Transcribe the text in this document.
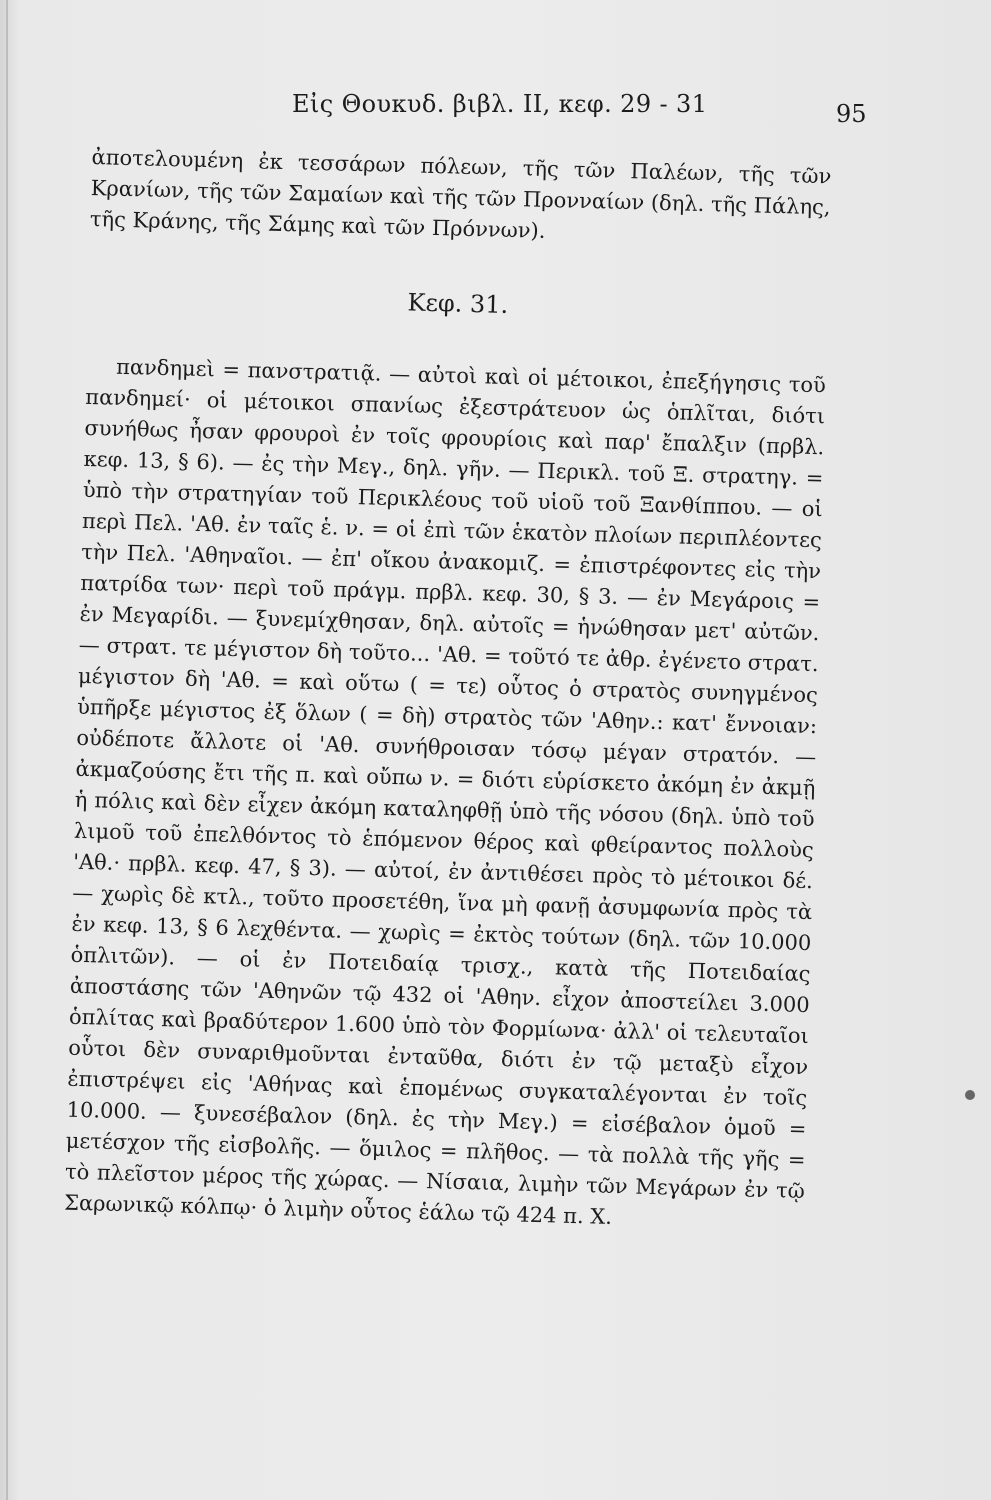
Εἰς Θουκυδ. βιβλ. II, κεφ. 29 - 31	95

ἀποτελουμένη ἐκ τεσσάρων πόλεων, τῆς τῶν Παλέων, τῆς τῶν Κρανίων, τῆς τῶν Σαμαίων καὶ τῆς τῶν Προνναίων (δηλ. τῆς Πάλης, τῆς Κράνης, τῆς Σάμης καὶ τῶν Πρόννων).

Κεφ. 31.

πανδημεὶ = πανστρατιᾷ. — αὐτοὶ καὶ οἱ μέτοικοι, ἐπεξήγησις τοῦ πανδημεί· οἱ μέτοικοι σπανίως ἐξεστράτευον ὡς ὁπλῖται, διότι συνήθως ἦσαν φρουροὶ ἐν τοῖς φρουρίοις καὶ παρ' ἔπαλξιν (πρβλ. κεφ. 13, § 6). — ἐς τὴν Μεγ., δηλ. γῆν. — Περικλ. τοῦ Ξ. στρατηγ. = ὑπὸ τὴν στρατηγίαν τοῦ Περικλέους τοῦ υἱοῦ τοῦ Ξανθίππου. — οἱ περὶ Πελ. 'Αθ. ἐν ταῖς ἑ. ν. = οἱ ἐπὶ τῶν ἑκατὸν πλοίων περιπλέοντες τὴν Πελ. 'Αθηναῖοι. — ἐπ' οἴκου ἀνακομιζ. = ἐπιστρέφοντες εἰς τὴν πατρίδα των· περὶ τοῦ πράγμ. πρβλ. κεφ. 30, § 3. — ἐν Μεγάροις = ἐν Μεγαρίδι. — ξυνεμίχθησαν, δηλ. αὐτοῖς = ἡνώθησαν μετ' αὐτῶν. — στρατ. τε μέγιστον δὴ τοῦτο... 'Αθ. = τοῦτό τε ἀθρ. ἐγένετο στρατ. μέγιστον δὴ 'Αθ. = καὶ οὕτω ( = τε) οὗτος ὁ στρατὸς συνηγμένος ὑπῆρξε μέγιστος ἐξ ὅλων ( = δὴ) στρατὸς τῶν 'Αθην.: κατ' ἔννοιαν: οὐδέποτε ἄλλοτε οἱ 'Αθ. συνήθροισαν τόσῳ μέγαν στρατόν. — ἀκμαζούσης ἔτι τῆς π. καὶ οὔπω ν. = διότι εὑρίσκετο ἀκόμη ἐν ἀκμῇ ἡ πόλις καὶ δὲν εἶχεν ἀκόμη καταληφθῇ ὑπὸ τῆς νόσου (δηλ. ὑπὸ τοῦ λιμοῦ τοῦ ἐπελθόντος τὸ ἑπόμενον θέρος καὶ φθείραντος πολλοὺς 'Αθ.· πρβλ. κεφ. 47, § 3). — αὐτοί, ἐν ἀντιθέσει πρὸς τὸ μέτοικοι δέ. — χωρὶς δὲ κτλ., τοῦτο προσετέθη, ἵνα μὴ φανῇ ἀσυμφωνία πρὸς τὰ ἐν κεφ. 13, § 6 λεχθέντα. — χωρὶς = ἐκτὸς τούτων (δηλ. τῶν 10.000 ὁπλιτῶν). — οἱ ἐν Ποτειδαίᾳ τρισχ., κατὰ τῆς Ποτειδαίας ἀποστάσης τῶν 'Αθηνῶν τῷ 432 οἱ 'Αθην. εἶχον ἀποστείλει 3.000 ὁπλίτας καὶ βραδύτερον 1.600 ὑπὸ τὸν Φορμίωνα· ἀλλ' οἱ τελευταῖοι οὗτοι δὲν συναριθμοῦνται ἐνταῦθα, διότι ἐν τῷ μεταξὺ εἶχον ἐπιστρέψει εἰς 'Αθήνας καὶ ἑπομένως συγκαταλέγονται ἐν τοῖς 10.000. — ξυνεσέβαλον (δηλ. ἐς τὴν Μεγ.) = εἰσέβαλον ὁμοῦ = μετέσχον τῆς εἰσβολῆς. — ὅμιλος = πλῆθος. — τὰ πολλὰ τῆς γῆς = τὸ πλεῖστον μέρος τῆς χώρας. — Νίσαια, λιμὴν τῶν Μεγάρων ἐν τῷ Σαρωνικῷ κόλπῳ· ὁ λιμὴν οὗτος ἑάλω τῷ 424 π. Χ.
